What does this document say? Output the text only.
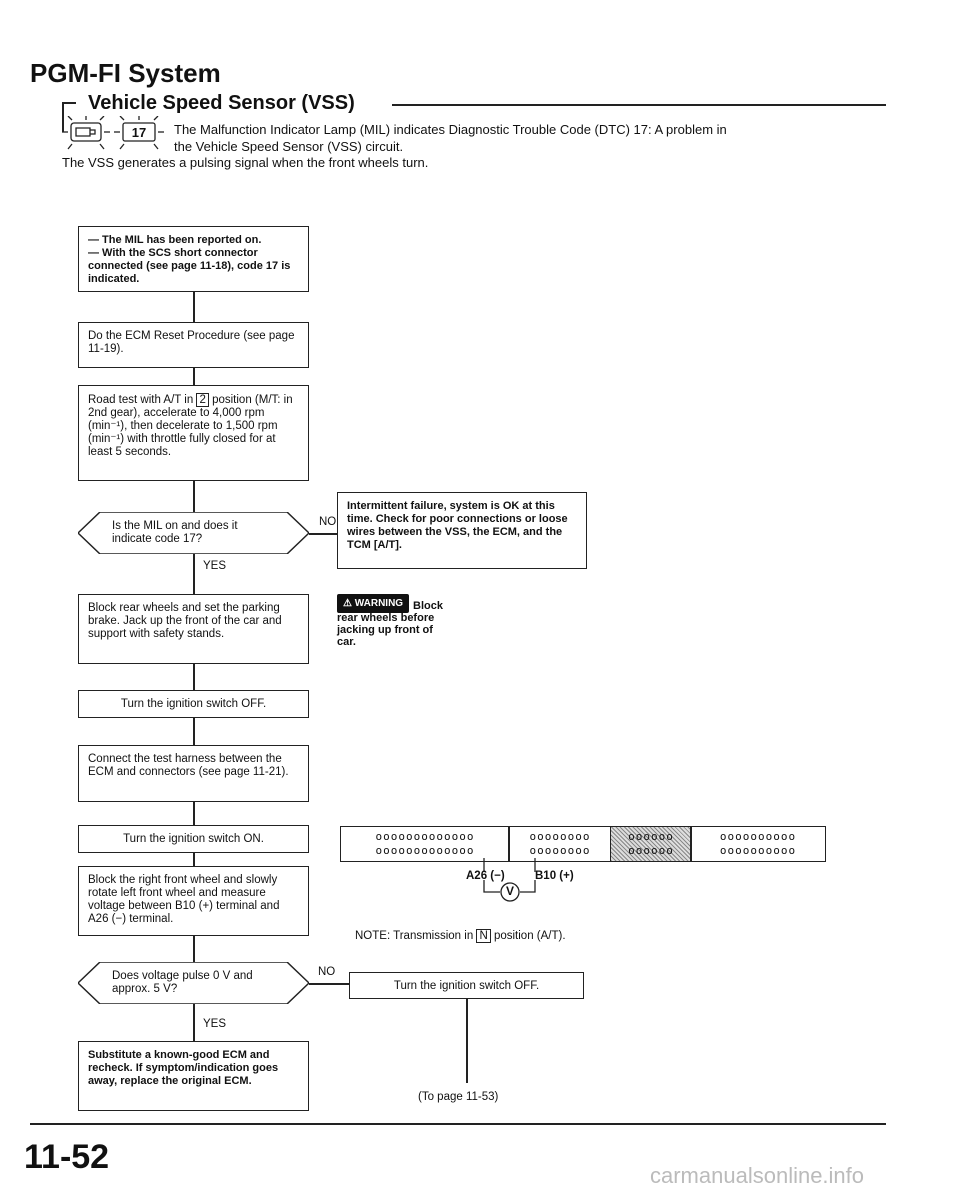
PGM-FI System
Vehicle Speed Sensor (VSS)
17	The Malfunction Indicator Lamp (MIL) indicates Diagnostic Trouble Code (DTC) 17: A problem in
the Vehicle Speed Sensor (VSS) circuit.
The VSS generates a pulsing signal when the front wheels turn.
— The MIL has been reported on.
— With the SCS short connector connected (see page 11-18), code 17 is indicated.
Do the ECM Reset Procedure (see page 11-19).
Road test with A/T in 2 position (M/T: in 2nd gear), accelerate to 4,000 rpm (min⁻¹), then decelerate to 1,500 rpm (min⁻¹) with throttle fully closed for at least 5 seconds.
Is the MIL on and does it indicate code 17?
NO
Intermittent failure, system is OK at this time. Check for poor connections or loose wires between the VSS, the ECM, and the TCM [A/T].
YES
Block rear wheels and set the parking brake. Jack up the front of the car and support with safety stands.
⚠ WARNING Block rear wheels before jacking up front of car.
Turn the ignition switch OFF.
Connect the test harness between the ECM and connectors (see page 11-21).
Turn the ignition switch ON.
Block the right front wheel and slowly rotate left front wheel and measure voltage between B10 (+) terminal and A26 (−) terminal.
Does voltage pulse 0 V and approx. 5 V?
NO
Turn the ignition switch OFF.
(To page 11-53)
YES
Substitute a known-good ECM and recheck. If symptom/indication goes away, replace the original ECM.
ooooooooooooo
ooooooooooooo
oooooooo
oooooooo
oooooo
oooooo
oooooooooo
oooooooooo
A26 (−)	B10 (+)
V
NOTE: Transmission in N position (A/T).
11-52	carmanualsonline.info
